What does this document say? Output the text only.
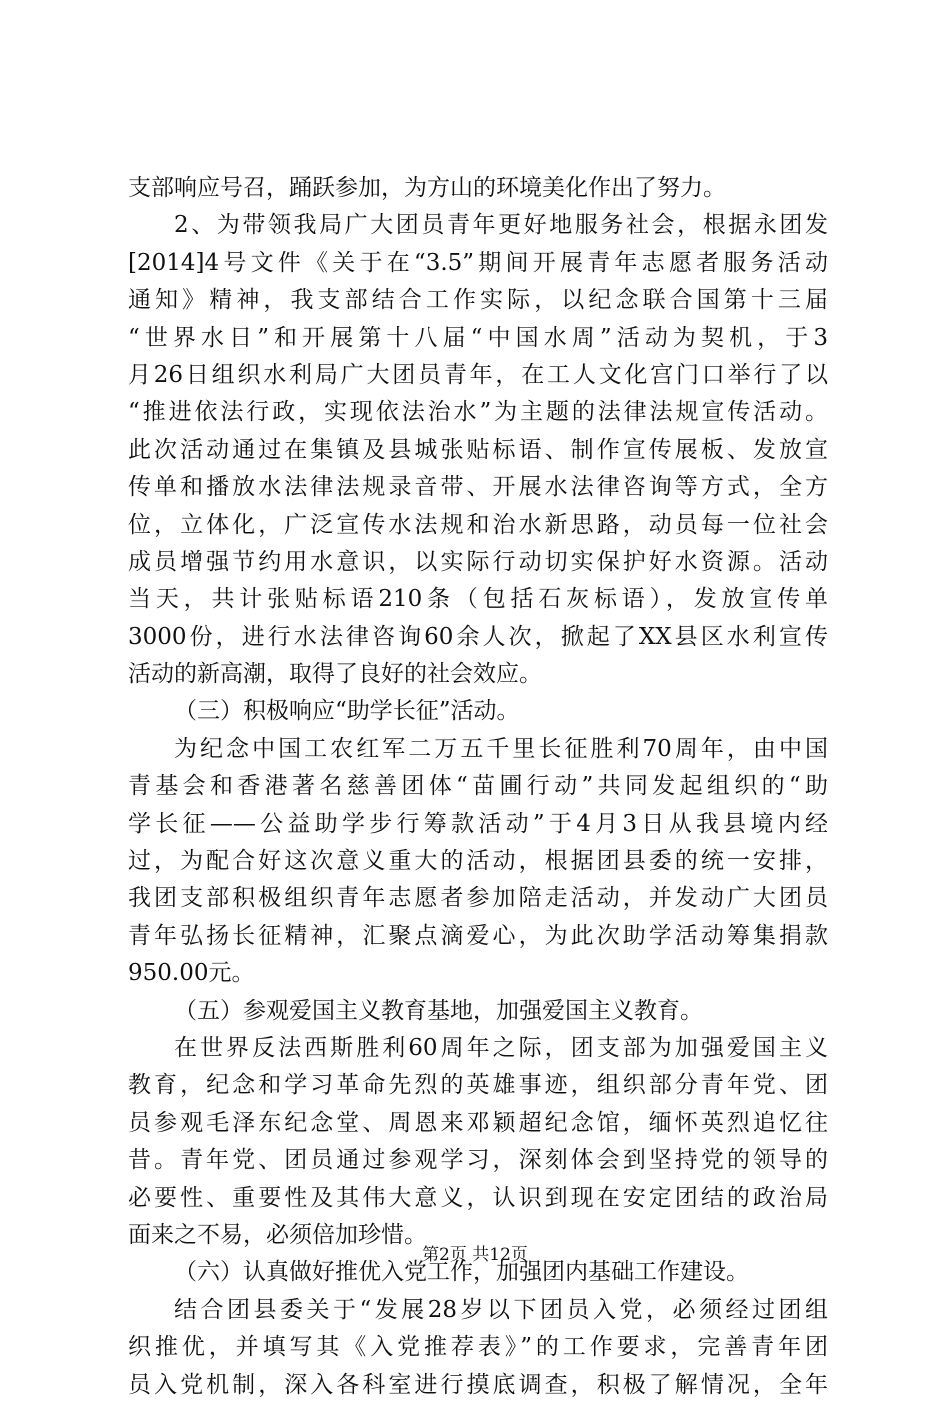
支部响应号召，踊跃参加，为方山的环境美化作出了努力。
2、为带领我局广大团员青年更好地服务社会，根据永团发
[2014]4号文件《关于在“3.5”期间开展青年志愿者服务活动
通知》精神，我支部结合工作实际，以纪念联合国第十三届
“世界水日”和开展第十八届“中国水周”活动为契机，于3
月26日组织水利局广大团员青年，在工人文化宫门口举行了以
“推进依法行政，实现依法治水”为主题的法律法规宣传活动。
此次活动通过在集镇及县城张贴标语、制作宣传展板、发放宣
传单和播放水法律法规录音带、开展水法律咨询等方式，全方
位，立体化，广泛宣传水法规和治水新思路，动员每一位社会
成员增强节约用水意识，以实际行动切实保护好水资源。活动
当天，共计张贴标语210条（包括石灰标语），发放宣传单
3000份，进行水法律咨询60余人次，掀起了XX县区水利宣传
活动的新高潮，取得了良好的社会效应。
（三）积极响应“助学长征”活动。
为纪念中国工农红军二万五千里长征胜利70周年，由中国
青基会和香港著名慈善团体“苗圃行动”共同发起组织的“助
学长征——公益助学步行筹款活动”于4月3日从我县境内经
过，为配合好这次意义重大的活动，根据团县委的统一安排，
我团支部积极组织青年志愿者参加陪走活动，并发动广大团员
青年弘扬长征精神，汇聚点滴爱心，为此次助学活动筹集捐款
950.00元。
（五）参观爱国主义教育基地，加强爱国主义教育。
在世界反法西斯胜利60周年之际，团支部为加强爱国主义
教育，纪念和学习革命先烈的英雄事迹，组织部分青年党、团
员参观毛泽东纪念堂、周恩来邓颖超纪念馆，缅怀英烈追忆往
昔。青年党、团员通过参观学习，深刻体会到坚持党的领导的
必要性、重要性及其伟大意义，认识到现在安定团结的政治局
面来之不易，必须倍加珍惜。
（六）认真做好推优入党工作，加强团内基础工作建设。
结合团县委关于“发展28岁以下团员入党，必须经过团组
织推优，并填写其《入党推荐表》”的工作要求，完善青年团
员入党机制，深入各科室进行摸底调查，积极了解情况，全年
第2页 共12页
